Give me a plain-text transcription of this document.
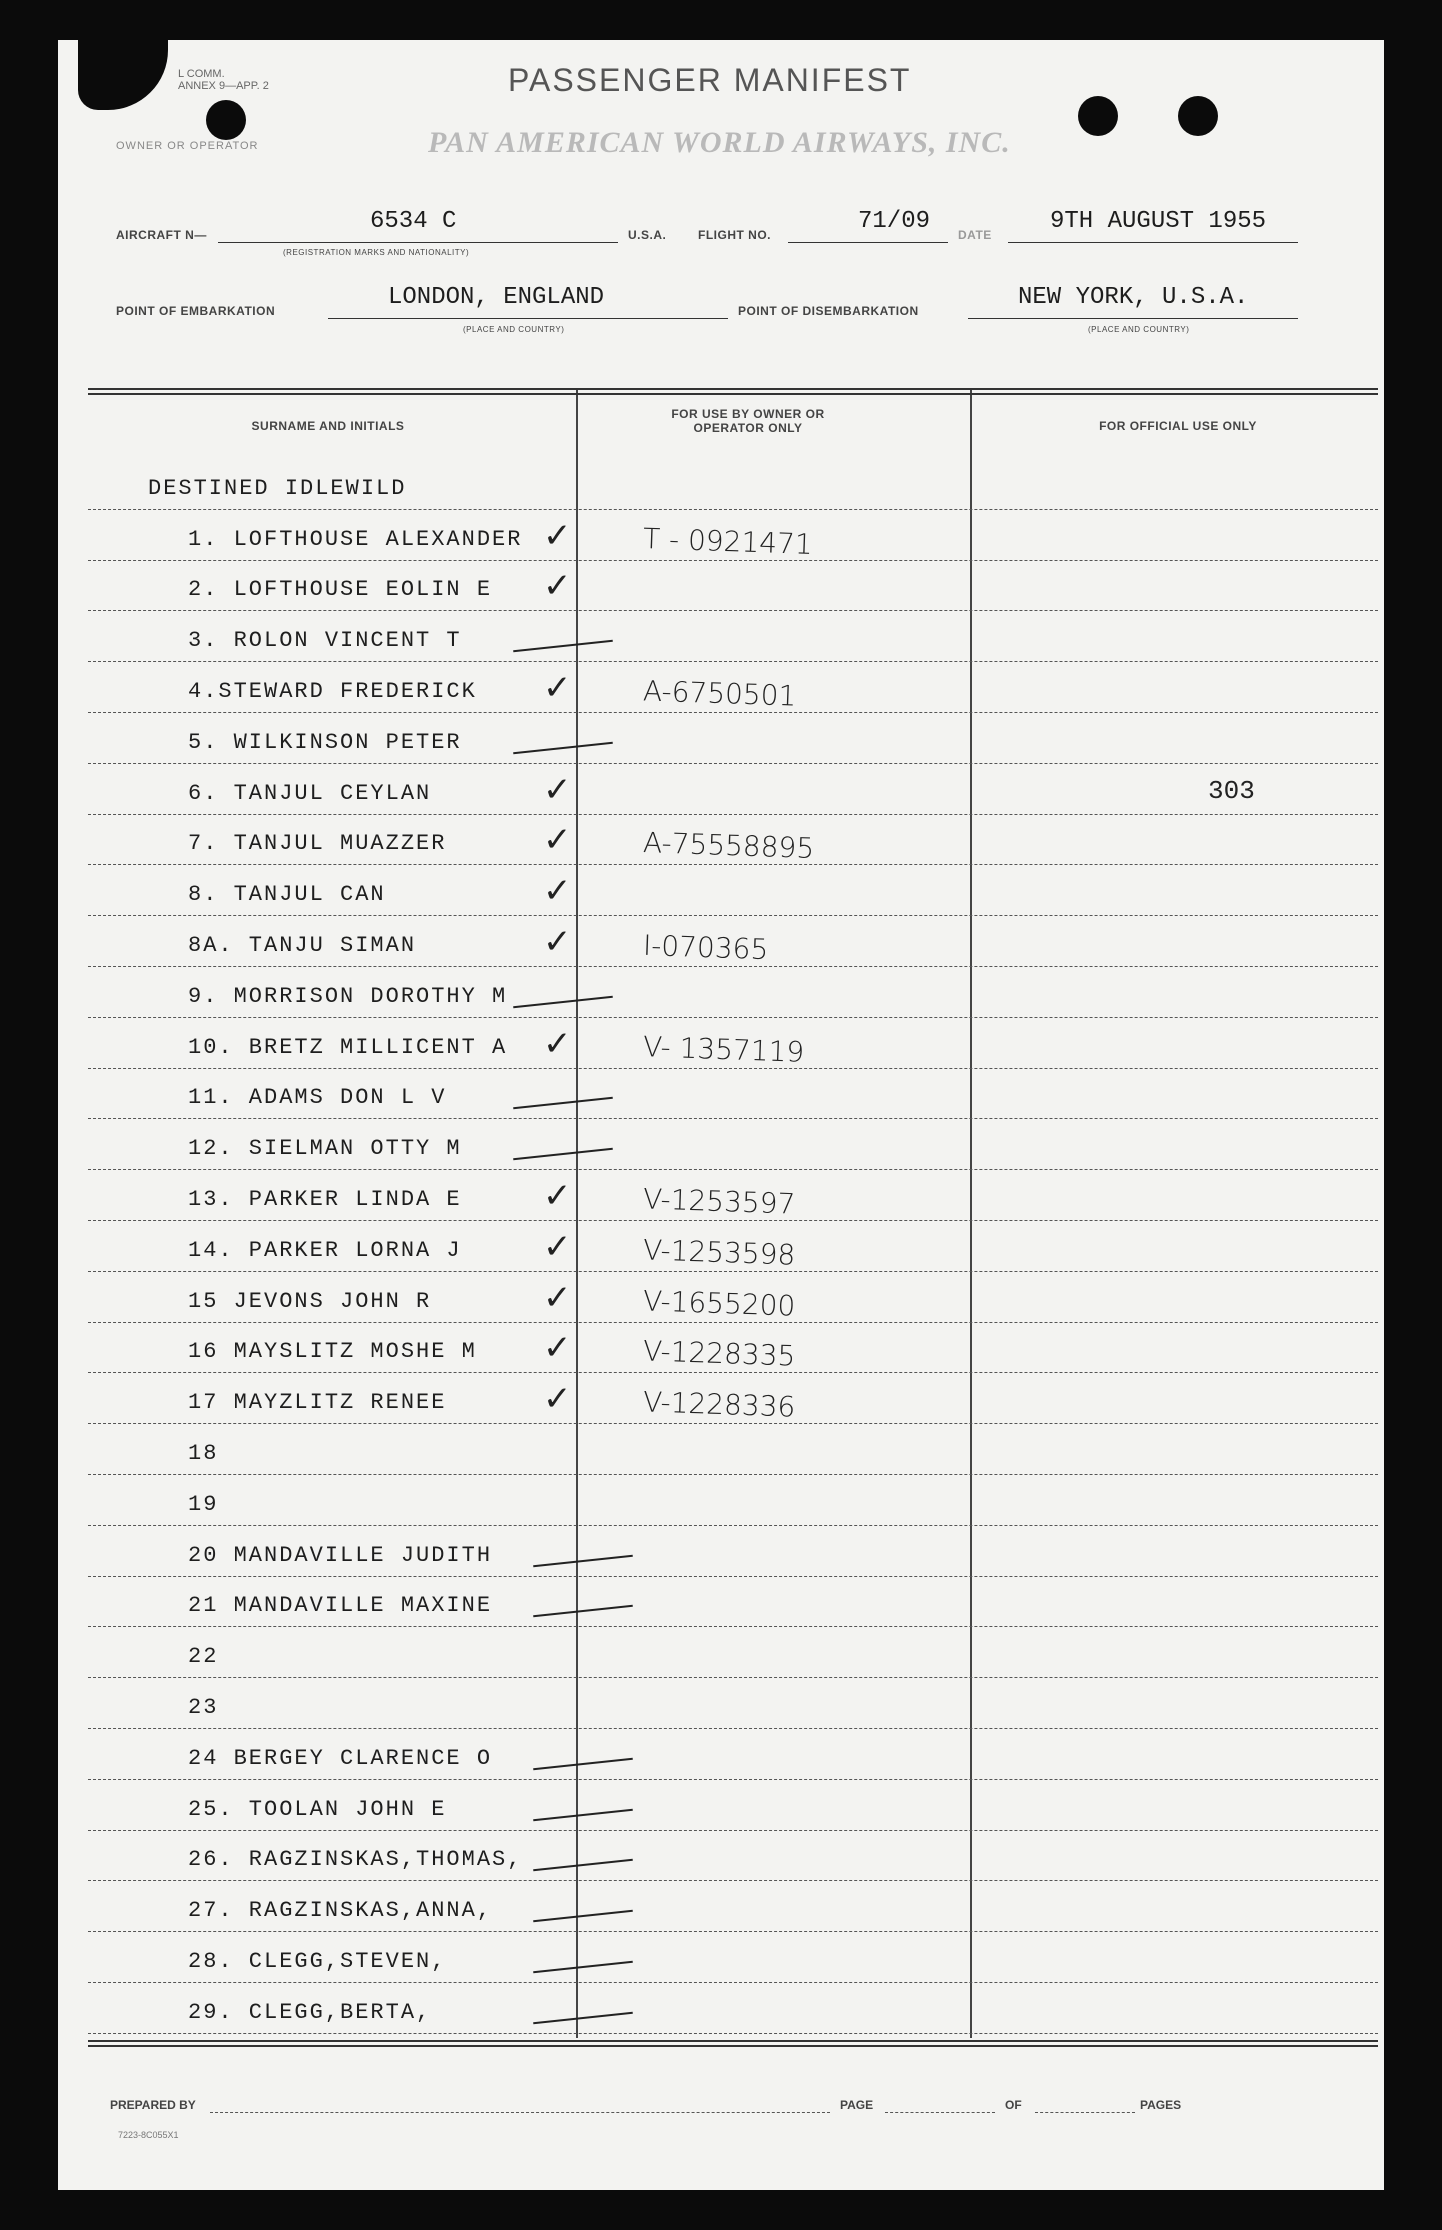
L COMM.
ANNEX 9—APP. 2
OWNER OR OPERATOR
PASSENGER MANIFEST
PAN AMERICAN WORLD AIRWAYS, INC.
AIRCRAFT N—	6534 C
(REGISTRATION MARKS AND NATIONALITY)
U.S.A.	FLIGHT NO.	71/09 DATE 9TH AUGUST 1955
POINT OF EMBARKATION	LONDON, ENGLAND
(PLACE AND COUNTRY)
POINT OF DISEMBARKATION	NEW YORK, U.S.A.
(PLACE AND COUNTRY)
SURNAME AND INITIALS
FOR USE BY OWNER OR OPERATOR ONLY	FOR OFFICIAL USE ONLY
DESTINED IDLEWILD
1. LOFTHOUSE ALEXANDER ✓	T - 0921471
2. LOFTHOUSE EOLIN E ✓
3. ROLON VINCENT T
4.STEWARD FREDERICK ✓	A-6750501
5. WILKINSON PETER
6. TANJUL CEYLAN	✓	303
7. TANJUL MUAZZER	✓	A-75558895
8. TANJUL CAN	✓
8A. TANJU SIMAN	✓	I-070365
9. MORRISON DOROTHY M
10. BRETZ MILLICENT A ✓	V- 1357119
11. ADAMS DON L V
12. SIELMAN OTTY M
13. PARKER LINDA E ✓	V-1253597
14. PARKER LORNA J ✓	V-1253598
15 JEVONS JOHN R	✓	V-1655200
16 MAYSLITZ MOSHE M ✓	V-1228335
17 MAYZLITZ RENEE	✓	V-1228336
18
19
20 MANDAVILLE JUDITH
21 MANDAVILLE MAXINE
22
23
24 BERGEY CLARENCE O
25. TOOLAN JOHN E
26. RAGZINSKAS,THOMAS,
27. RAGZINSKAS,ANNA,
28. CLEGG,STEVEN,
29. CLEGG,BERTA,
PREPARED BY	PAGE	OF	PAGES
7223-8C055X1
